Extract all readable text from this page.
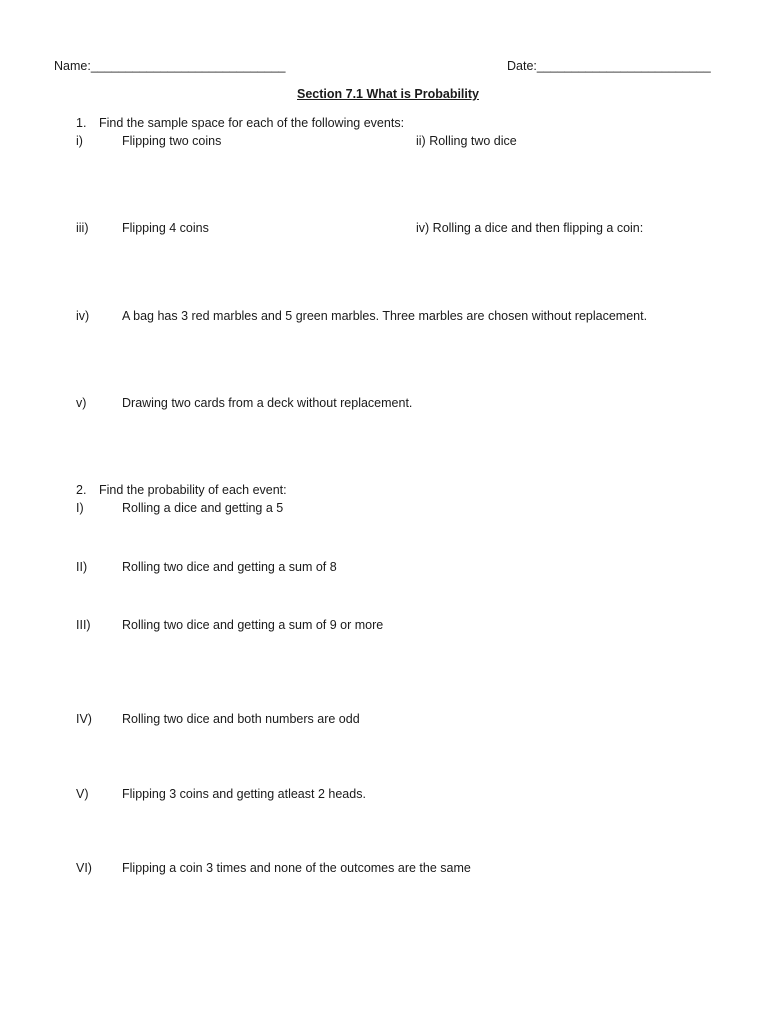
Name:____________________________	Date:_________________________
Section 7.1 What is Probability
1. Find the sample space for each of the following events:
i)	Flipping two coins	ii) Rolling two dice
iii)	Flipping 4 coins	iv) Rolling a dice and then flipping a coin:
iv)	A bag has 3 red marbles and 5 green marbles. Three marbles are chosen without replacement.
v)	Drawing two cards from a deck without replacement.
2. Find the probability of each event:
I)	Rolling a dice and getting a 5
II)	Rolling two dice and getting a sum of 8
III)	Rolling two dice and getting a sum of 9 or more
IV) Rolling two dice and both numbers are odd
V)	Flipping 3 coins and getting atleast 2 heads.
VI) Flipping a coin 3 times and none of the outcomes are the same
